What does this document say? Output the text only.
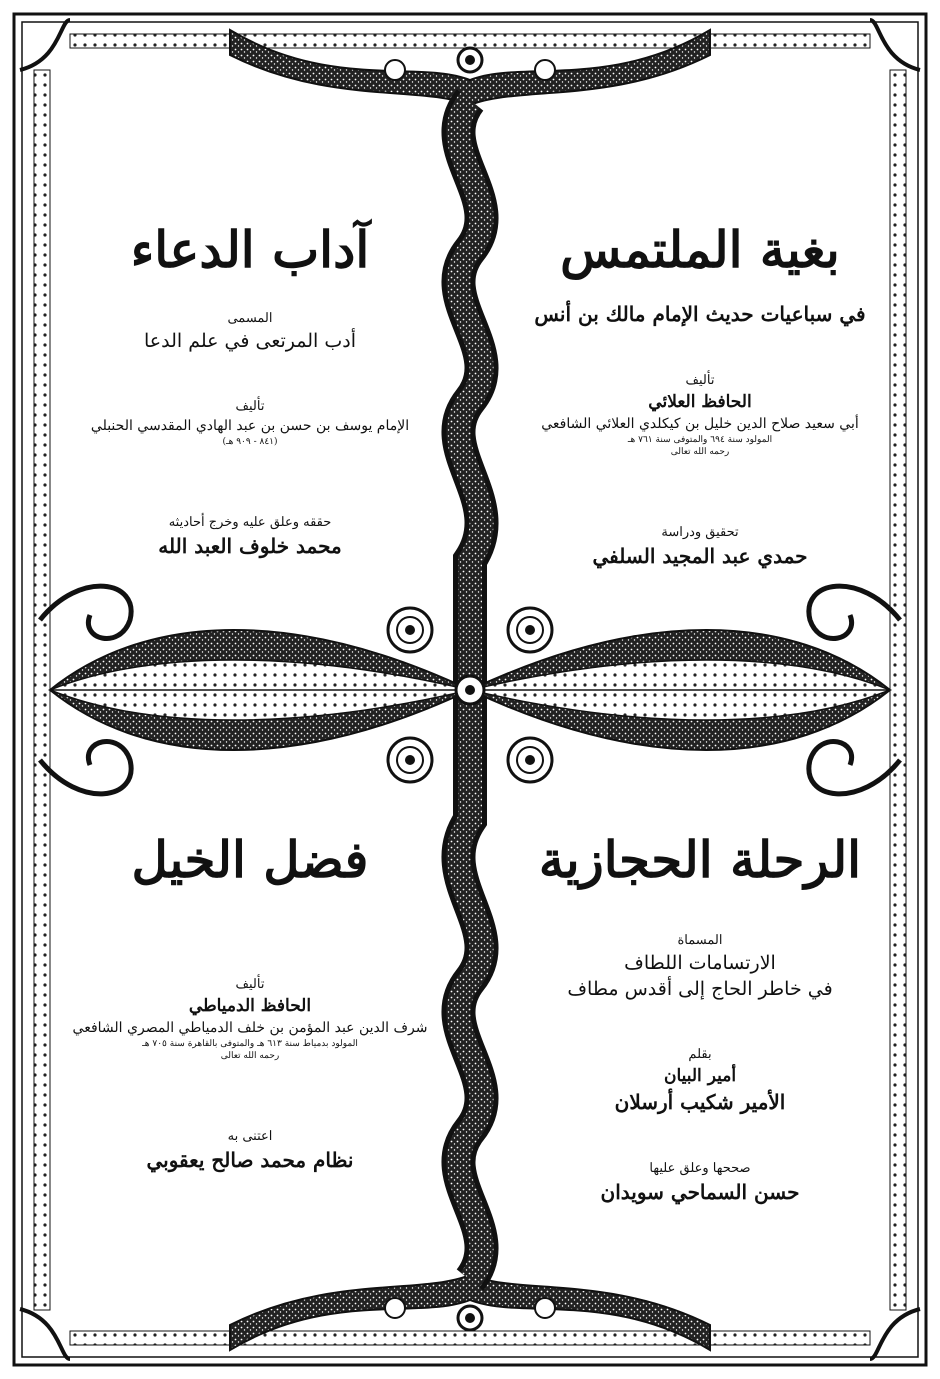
بغية الملتمس
في سباعيات حديث الإمام مالك بن أنس
تأليف
الحافظ العلائي
أبي سعيد صلاح الدين خليل بن كيكلدي العلائي الشافعي
المولود سنة ٦٩٤ والمتوفى سنة ٧٦١ هـ
رحمه الله تعالى
تحقيق ودراسة
حمدي عبد المجيد السلفي
آداب الدعاء
المسمى
أدب المرتعى في علم الدعا
تأليف
الإمام يوسف بن حسن بن عبد الهادي المقدسي الحنبلي
(٨٤١ - ٩٠٩ هـ)
حققه وعلق عليه وخرج أحاديثه
محمد خلوف العبد الله
الرحلة الحجازية
المسماة
الارتسامات اللطاف
في خاطر الحاج إلى أقدس مطاف
بقلم
أمير البيان
الأمير شكيب أرسلان
صححها وعلق عليها
حسن السماحي سويدان
فضل الخيل
تأليف
الحافظ الدمياطي
شرف الدين عبد المؤمن بن خلف الدمياطي المصري الشافعي
المولود بدمياط سنة ٦١٣ هـ والمتوفى بالقاهرة سنة ٧٠٥ هـ
رحمه الله تعالى
اعتنى به
نظام محمد صالح يعقوبي
